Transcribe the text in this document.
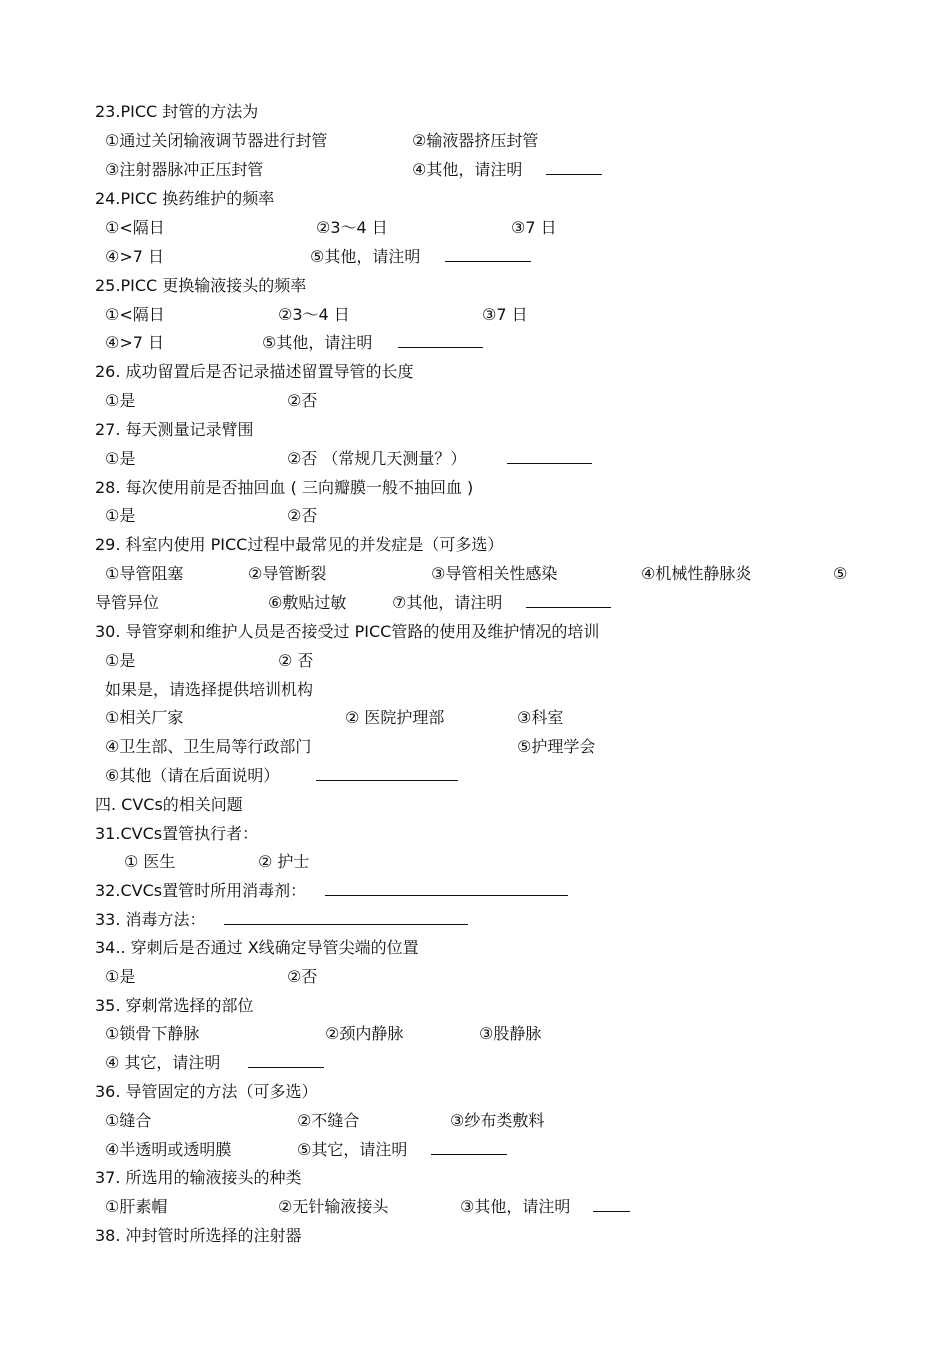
23.PICC 封管的方法为
①通过关闭输液调节器进行封管	②输液器挤压封管
③注射器脉冲正压封管	④其他，请注明
24.PICC 换药维护的频率
①<隔日	②3～4 日	③7 日
④>7 日	⑤其他，请注明
25.PICC 更换输液接头的频率
①<隔日	②3～4 日	③7 日
④>7 日	⑤其他，请注明
26. 成功留置后是否记录描述留置导管的长度
①是	②否
27. 每天测量记录臂围
①是	②否 （常规几天测量？）
28. 每次使用前是否抽回血 ( 三向瓣膜一般不抽回血 )
①是	②否
29. 科室内使用 PICC过程中最常见的并发症是（可多选）
①导管阻塞	②导管断裂	③导管相关性感染	④机械性静脉炎	⑤
导管异位	⑥敷贴过敏	⑦其他，请注明
30. 导管穿刺和维护人员是否接受过 PICC管路的使用及维护情况的培训
①是	② 否
如果是，请选择提供培训机构
①相关厂家	② 医院护理部	③科室
④卫生部、卫生局等行政部门	⑤护理学会
⑥其他（请在后面说明）
四. CVCs的相关问题
31.CVCs置管执行者：
① 医生	② 护士
32.CVCs置管时所用消毒剂：
33. 消毒方法：
34.. 穿刺后是否通过 X线确定导管尖端的位置
①是	②否
35. 穿刺常选择的部位
①锁骨下静脉	②颈内静脉	③股静脉
④ 其它，请注明
36. 导管固定的方法（可多选）
①缝合	②不缝合	③纱布类敷料
④半透明或透明膜	⑤其它，请注明
37. 所选用的输液接头的种类
①肝素帽	②无针输液接头	③其他，请注明
38. 冲封管时所选择的注射器
